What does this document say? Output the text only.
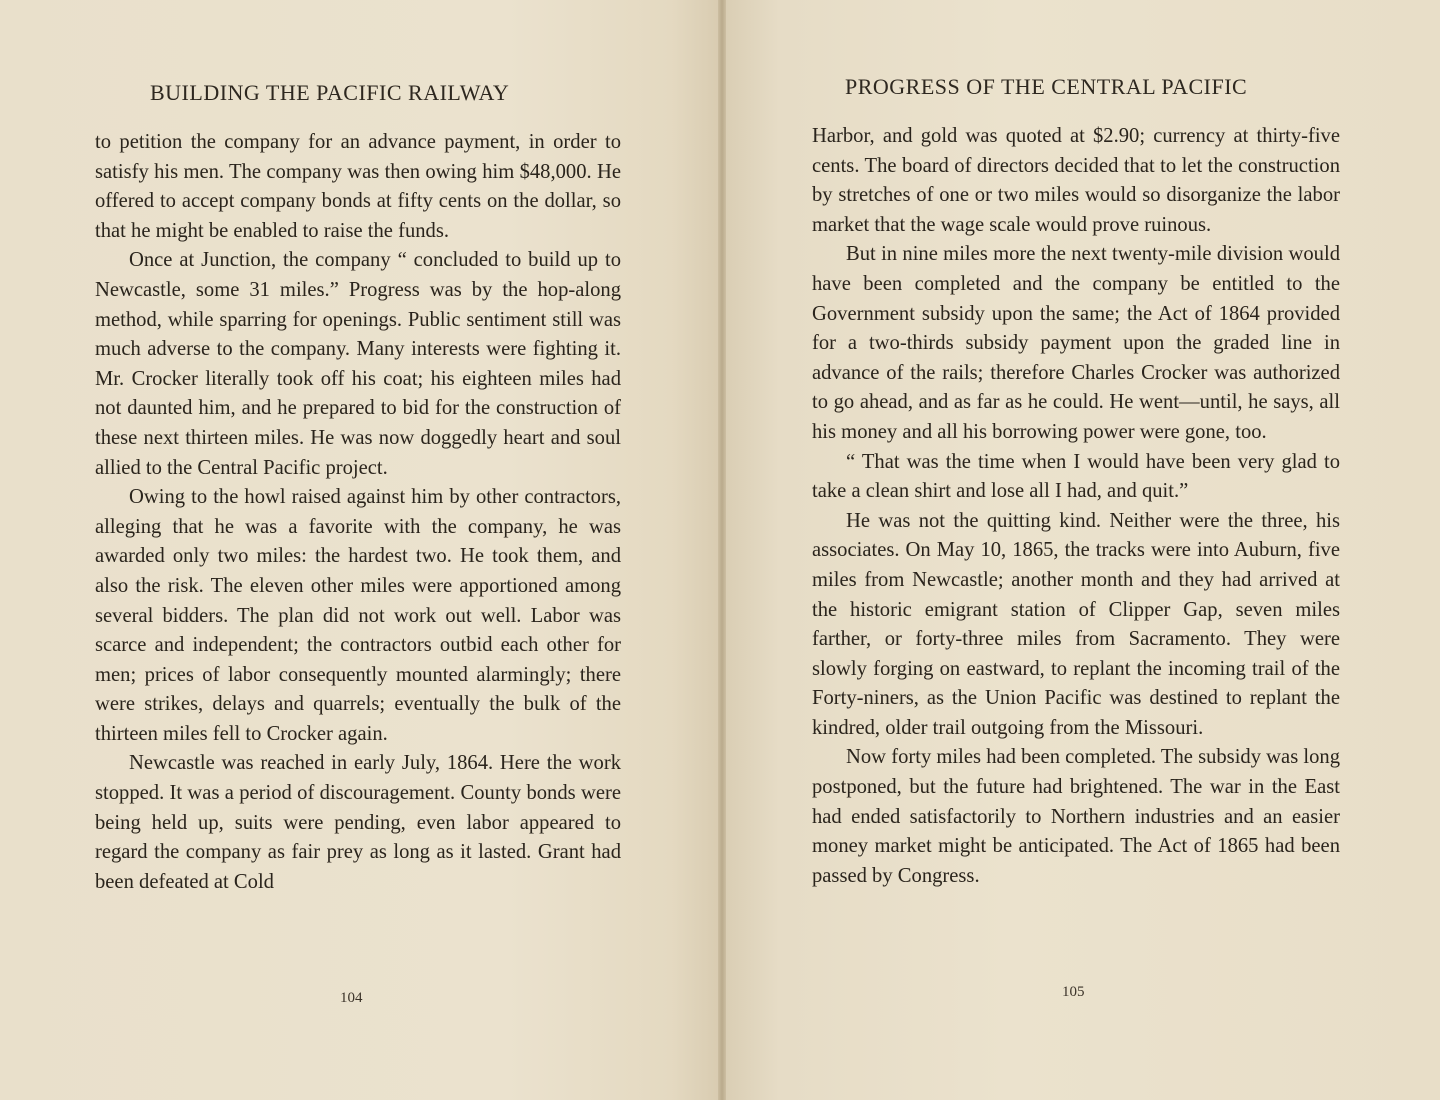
BUILDING THE PACIFIC RAILWAY

to petition the company for an advance payment, in order to satisfy his men. The company was then owing him $48,000. He offered to accept company bonds at fifty cents on the dollar, so that he might be enabled to raise the funds.

Once at Junction, the company “ concluded to build up to Newcastle, some 31 miles.” Progress was by the hop-along method, while sparring for openings. Public sentiment still was much adverse to the company. Many interests were fighting it. Mr. Crocker literally took off his coat; his eighteen miles had not daunted him, and he prepared to bid for the construction of these next thirteen miles. He was now doggedly heart and soul allied to the Central Pacific project.

Owing to the howl raised against him by other contractors, alleging that he was a favorite with the company, he was awarded only two miles: the hardest two. He took them, and also the risk. The eleven other miles were apportioned among several bidders. The plan did not work out well. Labor was scarce and independent; the contractors outbid each other for men; prices of labor consequently mounted alarmingly; there were strikes, delays and quarrels; eventually the bulk of the thirteen miles fell to Crocker again.

Newcastle was reached in early July, 1864. Here the work stopped. It was a period of discouragement. County bonds were being held up, suits were pending, even labor appeared to regard the company as fair prey as long as it lasted. Grant had been defeated at Cold

104
PROGRESS OF THE CENTRAL PACIFIC

Harbor, and gold was quoted at $2.90; currency at thirty-five cents. The board of directors decided that to let the construction by stretches of one or two miles would so disorganize the labor market that the wage scale would prove ruinous.

But in nine miles more the next twenty-mile division would have been completed and the company be entitled to the Government subsidy upon the same; the Act of 1864 provided for a two-thirds subsidy payment upon the graded line in advance of the rails; therefore Charles Crocker was authorized to go ahead, and as far as he could. He went—until, he says, all his money and all his borrowing power were gone, too.

“ That was the time when I would have been very glad to take a clean shirt and lose all I had, and quit.”

He was not the quitting kind. Neither were the three, his associates. On May 10, 1865, the tracks were into Auburn, five miles from Newcastle; another month and they had arrived at the historic emigrant station of Clipper Gap, seven miles farther, or forty-three miles from Sacramento. They were slowly forging on eastward, to replant the incoming trail of the Forty-niners, as the Union Pacific was destined to replant the kindred, older trail outgoing from the Missouri.

Now forty miles had been completed. The subsidy was long postponed, but the future had brightened. The war in the East had ended satisfactorily to Northern industries and an easier money market might be anticipated. The Act of 1865 had been passed by Congress.

105
